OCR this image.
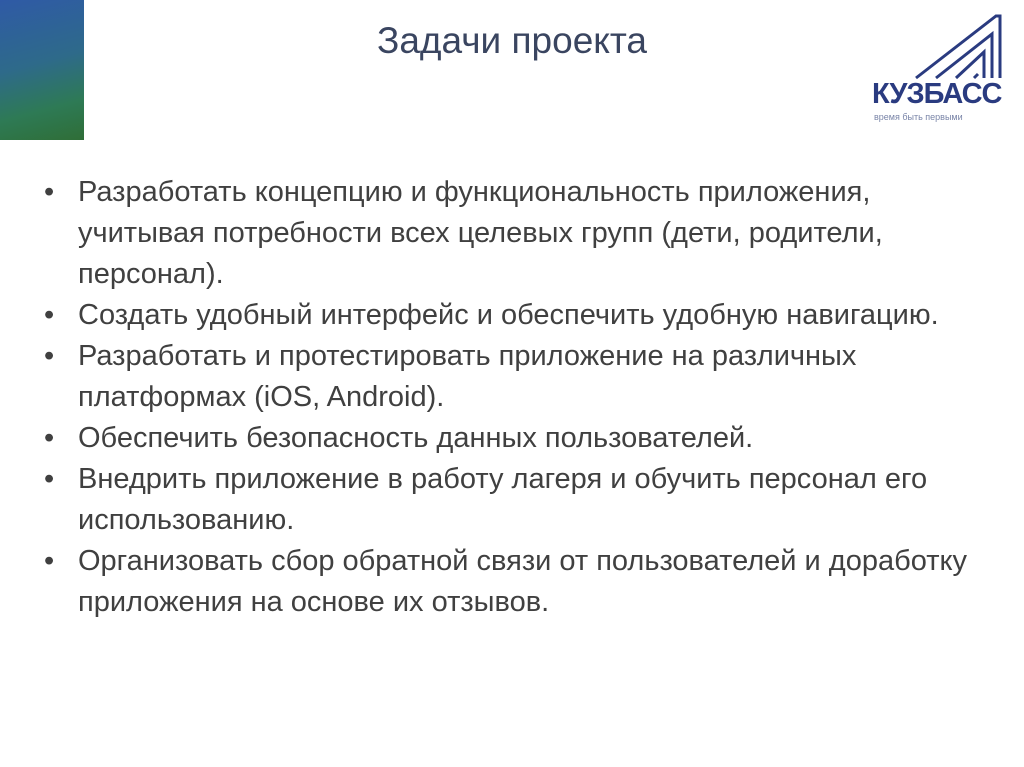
Задачи проекта
КУЗБАСС
время быть первыми
• Разработать концепцию и функциональность приложения, учитывая потребности всех целевых групп (дети, родители, персонал).
• Создать удобный интерфейс и обеспечить удобную навигацию.
• Разработать и протестировать приложение на различных платформах (iOS, Android).
• Обеспечить безопасность данных пользователей.
• Внедрить приложение в работу лагеря и обучить персонал его использованию.
• Организовать сбор обратной связи от пользователей и доработку приложения на основе их отзывов.
